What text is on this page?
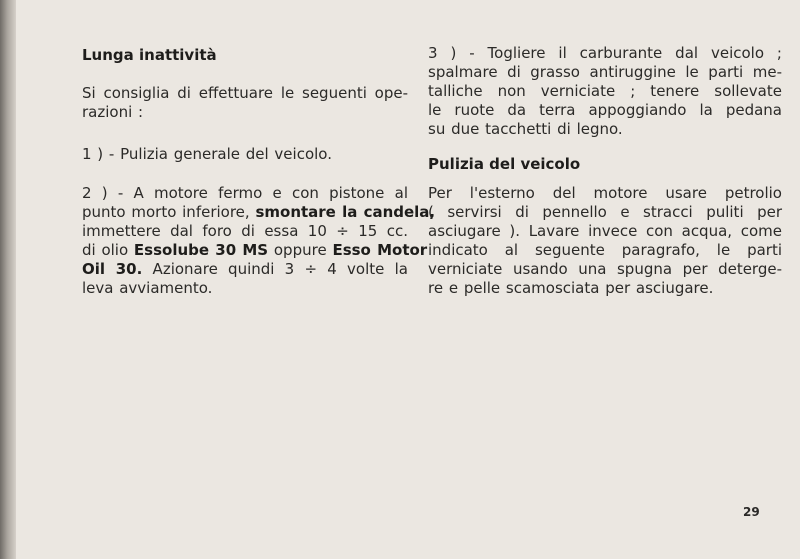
Lunga inattività

Si consiglia di effettuare le seguenti ope-
razioni :

1 ) - Pulizia generale del veicolo.

2 ) - A motore fermo e con pistone al
punto morto inferiore, smontare la candela,
immettere dal foro di essa 10 ÷ 15 cc.
di olio Essolube 30 MS oppure Esso Motor
Oil 30. Azionare quindi 3 ÷ 4 volte la
leva avviamento.

3 ) - Togliere il carburante dal veicolo ;
spalmare di grasso antiruggine le parti me-
talliche non verniciate ; tenere sollevate
le ruote da terra appoggiando la pedana
su due tacchetti di legno.

Pulizia del veicolo

Per l'esterno del motore usare petrolio
( servirsi di pennello e stracci puliti per
asciugare ). Lavare invece con acqua, come
indicato al seguente paragrafo, le parti
verniciate usando una spugna per deterge-
re e pelle scamosciata per asciugare.

29
